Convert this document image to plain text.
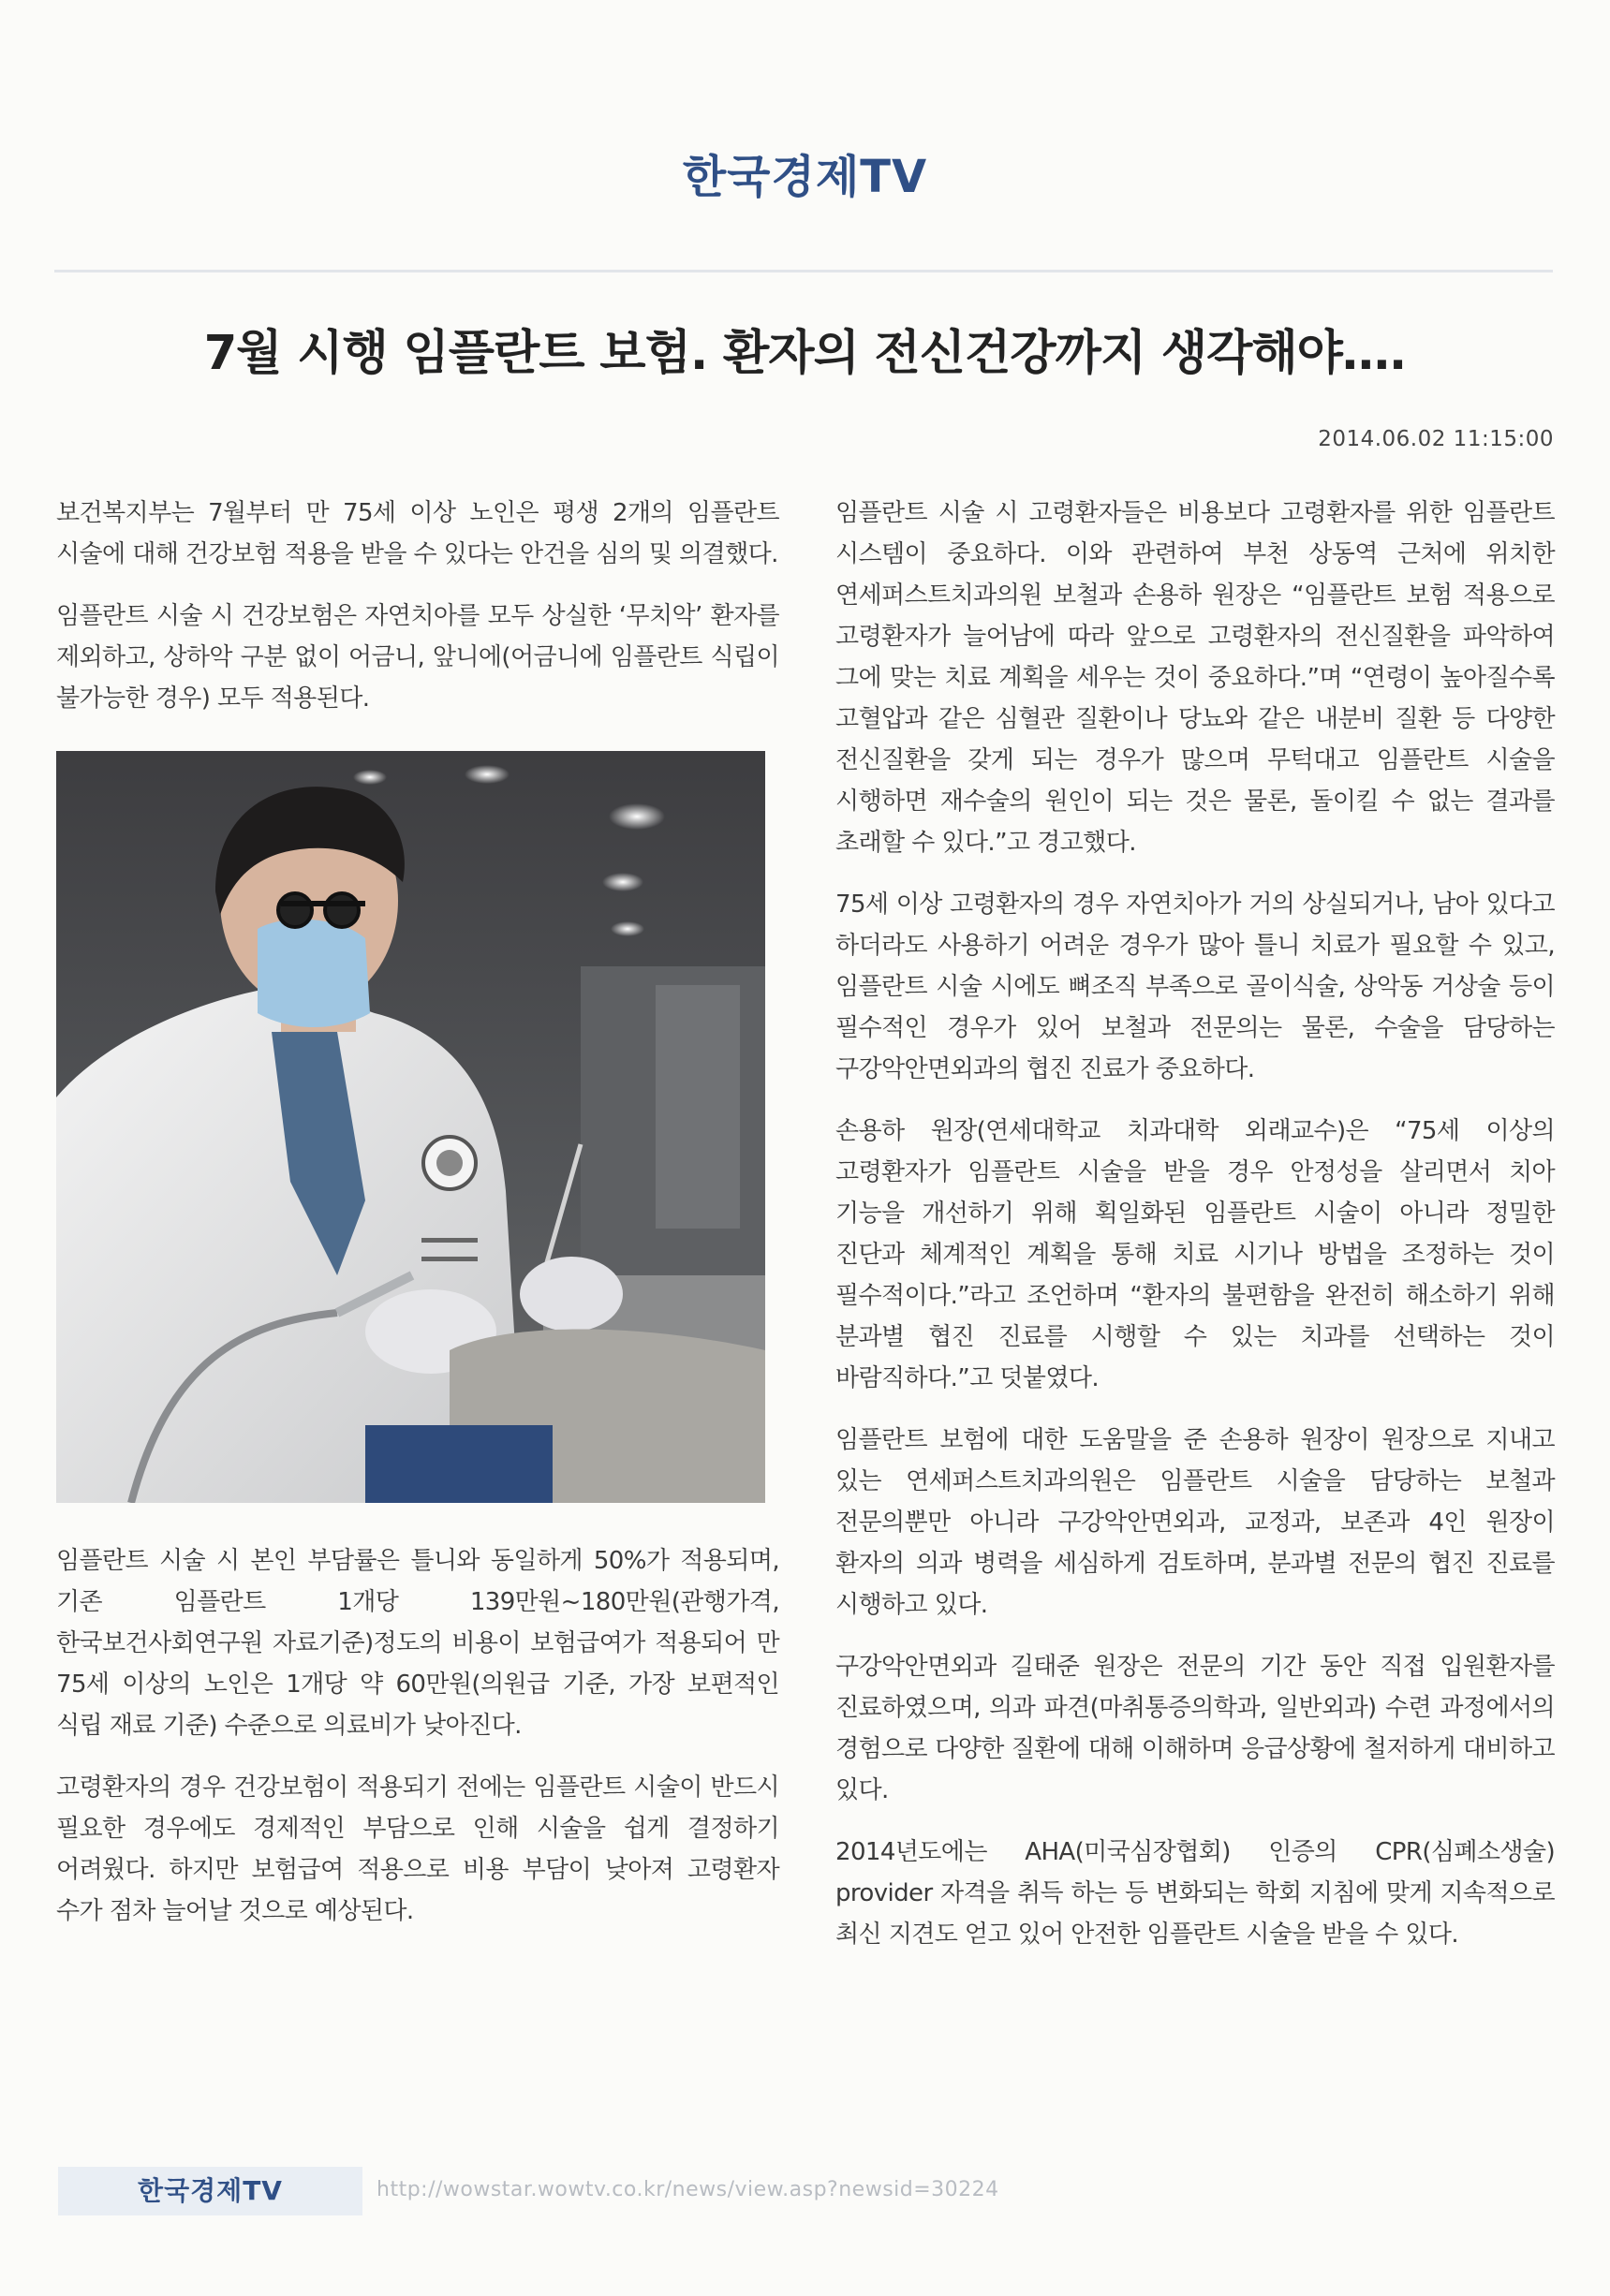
한국경제TV
7월 시행 임플란트 보험. 환자의 전신건강까지 생각해야….
2014.06.02 11:15:00

보건복지부는 7월부터 만 75세 이상 노인은 평생 2개의 임플란트 시술에 대해 건강보험 적용을 받을 수 있다는 안건을 심의 및 의결했다.

임플란트 시술 시 건강보험은 자연치아를 모두 상실한 ‘무치악’ 환자를 제외하고, 상하악 구분 없이 어금니, 앞니에(어금니에 임플란트 식립이 불가능한 경우) 모두 적용된다.

임플란트 시술 시 본인 부담률은 틀니와 동일하게 50%가 적용되며, 기존 임플란트 1개당 139만원~180만원(관행가격, 한국보건사회연구원 자료기준)정도의 비용이 보험급여가 적용되어 만 75세 이상의 노인은 1개당 약 60만원(의원급 기준, 가장 보편적인 식립 재료 기준) 수준으로 의료비가 낮아진다.

고령환자의 경우 건강보험이 적용되기 전에는 임플란트 시술이 반드시 필요한 경우에도 경제적인 부담으로 인해 시술을 쉽게 결정하기 어려웠다. 하지만 보험급여 적용으로 비용 부담이 낮아져 고령환자 수가 점차 늘어날 것으로 예상된다.

임플란트 시술 시 고령환자들은 비용보다 고령환자를 위한 임플란트 시스템이 중요하다. 이와 관련하여 부천 상동역 근처에 위치한 연세퍼스트치과의원 보철과 손용하 원장은 “임플란트 보험 적용으로 고령환자가 늘어남에 따라 앞으로 고령환자의 전신질환을 파악하여 그에 맞는 치료 계획을 세우는 것이 중요하다.”며 “연령이 높아질수록 고혈압과 같은 심혈관 질환이나 당뇨와 같은 내분비 질환 등 다양한 전신질환을 갖게 되는 경우가 많으며 무턱대고 임플란트 시술을 시행하면 재수술의 원인이 되는 것은 물론, 돌이킬 수 없는 결과를 초래할 수 있다.”고 경고했다.

75세 이상 고령환자의 경우 자연치아가 거의 상실되거나, 남아 있다고 하더라도 사용하기 어려운 경우가 많아 틀니 치료가 필요할 수 있고, 임플란트 시술 시에도 뼈조직 부족으로 골이식술, 상악동 거상술 등이 필수적인 경우가 있어 보철과 전문의는 물론, 수술을 담당하는 구강악안면외과의 협진 진료가 중요하다.

손용하 원장(연세대학교 치과대학 외래교수)은 “75세 이상의 고령환자가 임플란트 시술을 받을 경우 안정성을 살리면서 치아 기능을 개선하기 위해 획일화된 임플란트 시술이 아니라 정밀한 진단과 체계적인 계획을 통해 치료 시기나 방법을 조정하는 것이 필수적이다.”라고 조언하며 “환자의 불편함을 완전히 해소하기 위해 분과별 협진 진료를 시행할 수 있는 치과를 선택하는 것이 바람직하다.”고 덧붙였다.

임플란트 보험에 대한 도움말을 준 손용하 원장이 원장으로 지내고 있는 연세퍼스트치과의원은 임플란트 시술을 담당하는 보철과 전문의뿐만 아니라 구강악안면외과, 교정과, 보존과 4인 원장이 환자의 의과 병력을 세심하게 검토하며, 분과별 전문의 협진 진료를 시행하고 있다.

구강악안면외과 길태준 원장은 전문의 기간 동안 직접 입원환자를 진료하였으며, 의과 파견(마취통증의학과, 일반외과) 수련 과정에서의 경험으로 다양한 질환에 대해 이해하며 응급상황에 철저하게 대비하고 있다.

2014년도에는 AHA(미국심장협회) 인증의 CPR(심폐소생술) provider 자격을 취득 하는 등 변화되는 학회 지침에 맞게 지속적으로 최신 지견도 얻고 있어 안전한 임플란트 시술을 받을 수 있다.

한국경제TV	http://wowstar.wowtv.co.kr/news/view.asp?newsid=30224
